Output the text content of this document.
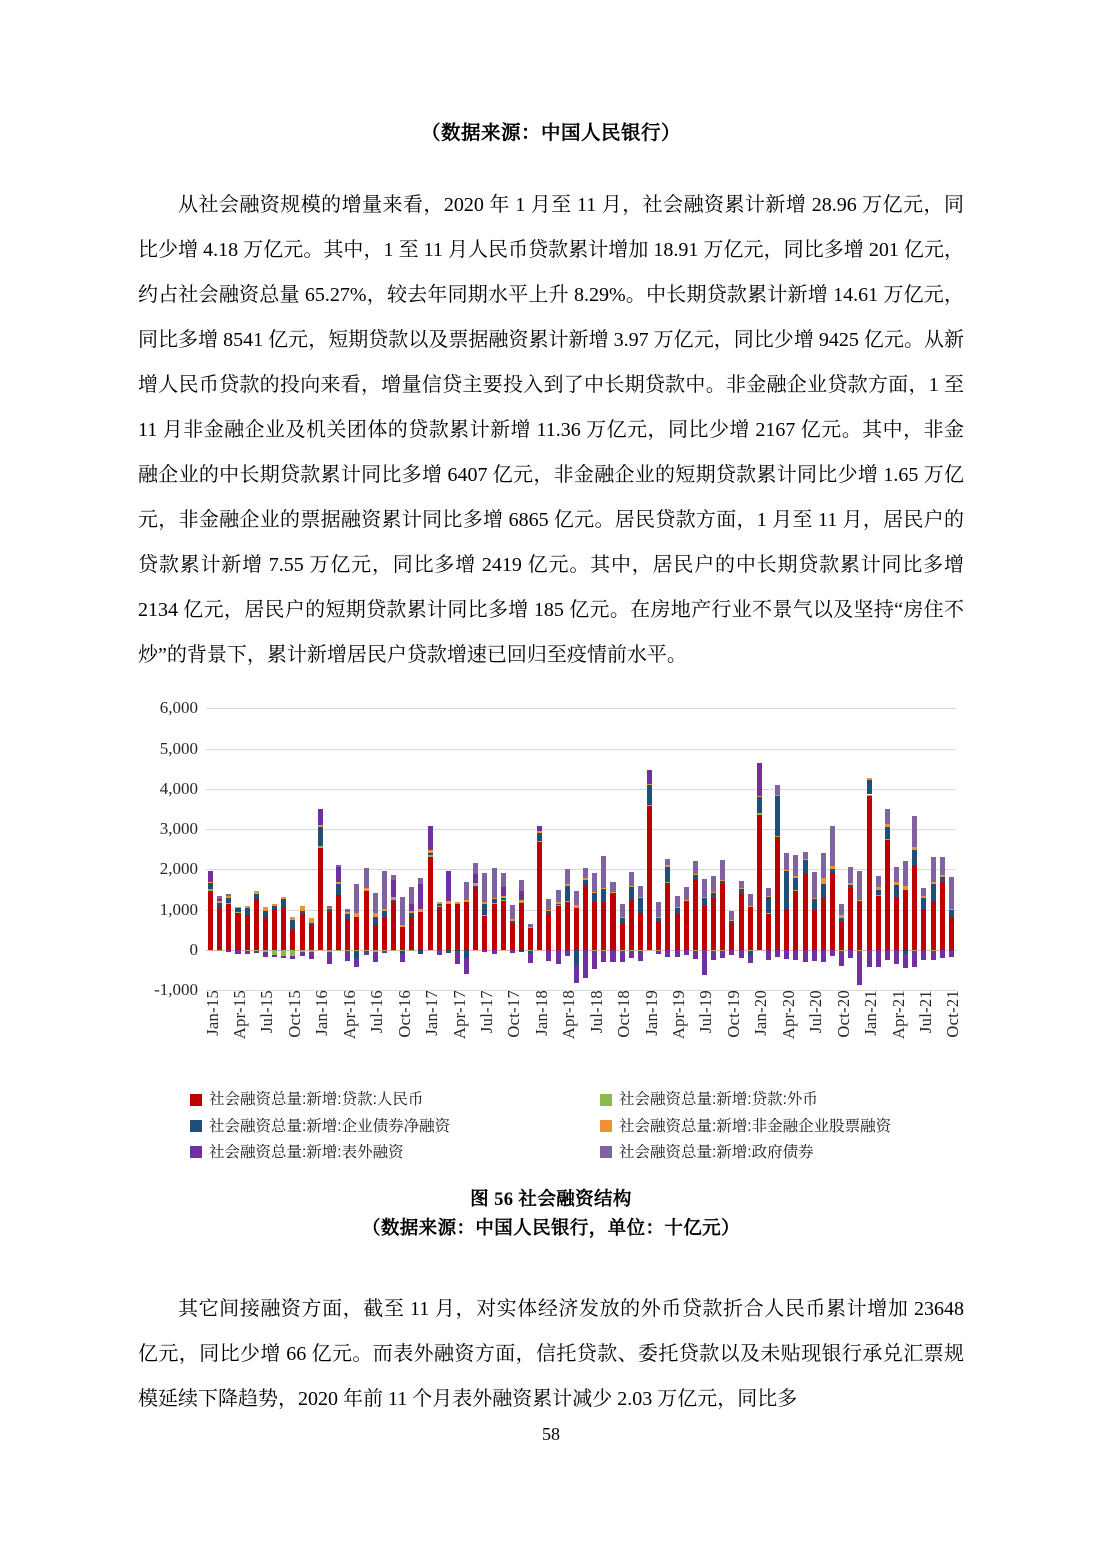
（数据来源：中国人民银行）

从社会融资规模的增量来看，2020 年 1 月至 11 月，社会融资累计新增 28.96 万亿元，同比少增 4.18 万亿元。其中，1 至 11 月人民币贷款累计增加 18.91 万亿元，同比多增 201 亿元，约占社会融资总量 65.27%，较去年同期水平上升 8.29%。中长期贷款累计新增 14.61 万亿元，同比多增 8541 亿元，短期贷款以及票据融资累计新增 3.97 万亿元，同比少增 9425 亿元。从新增人民币贷款的投向来看，增量信贷主要投入到了中长期贷款中。非金融企业贷款方面，1 至 11 月非金融企业及机关团体的贷款累计新增 11.36 万亿元，同比少增 2167 亿元。其中，非金融企业的中长期贷款累计同比多增 6407 亿元，非金融企业的短期贷款累计同比少增 1.65 万亿元，非金融企业的票据融资累计同比多增 6865 亿元。居民贷款方面，1 月至 11 月，居民户的贷款累计新增 7.55 万亿元，同比多增 2419 亿元。其中，居民户的中长期贷款累计同比多增 2134 亿元，居民户的短期贷款累计同比多增 185 亿元。在房地产行业不景气以及坚持“房住不炒”的背景下，累计新增居民户贷款增速已回归至疫情前水平。

6,000
5,000
4,000
3,000
2,000
1,000
0
-1,000
Jan-15 Apr-15 Jul-15 Oct-15 Jan-16 Apr-16 Jul-16 Oct-16 Jan-17 Apr-17 Jul-17 Oct-17 Jan-18 Apr-18 Jul-18 Oct-18 Jan-19 Apr-19 Jul-19 Oct-19 Jan-20 Apr-20 Jul-20 Oct-20 Jan-21 Apr-21 Jul-21 Oct-21
社会融资总量:新增:贷款:人民币	社会融资总量:新增:贷款:外币
社会融资总量:新增:企业债券净融资	社会融资总量:新增:非金融企业股票融资
社会融资总量:新增:表外融资	社会融资总量:新增:政府债券
图 56 社会融资结构
（数据来源：中国人民银行，单位：十亿元）

其它间接融资方面，截至 11 月，对实体经济发放的外币贷款折合人民币累计增加 23648 亿元，同比少增 66 亿元。而表外融资方面，信托贷款、委托贷款以及未贴现银行承兑汇票规模延续下降趋势，2020 年前 11 个月表外融资累计减少 2.03 万亿元，同比多

58
